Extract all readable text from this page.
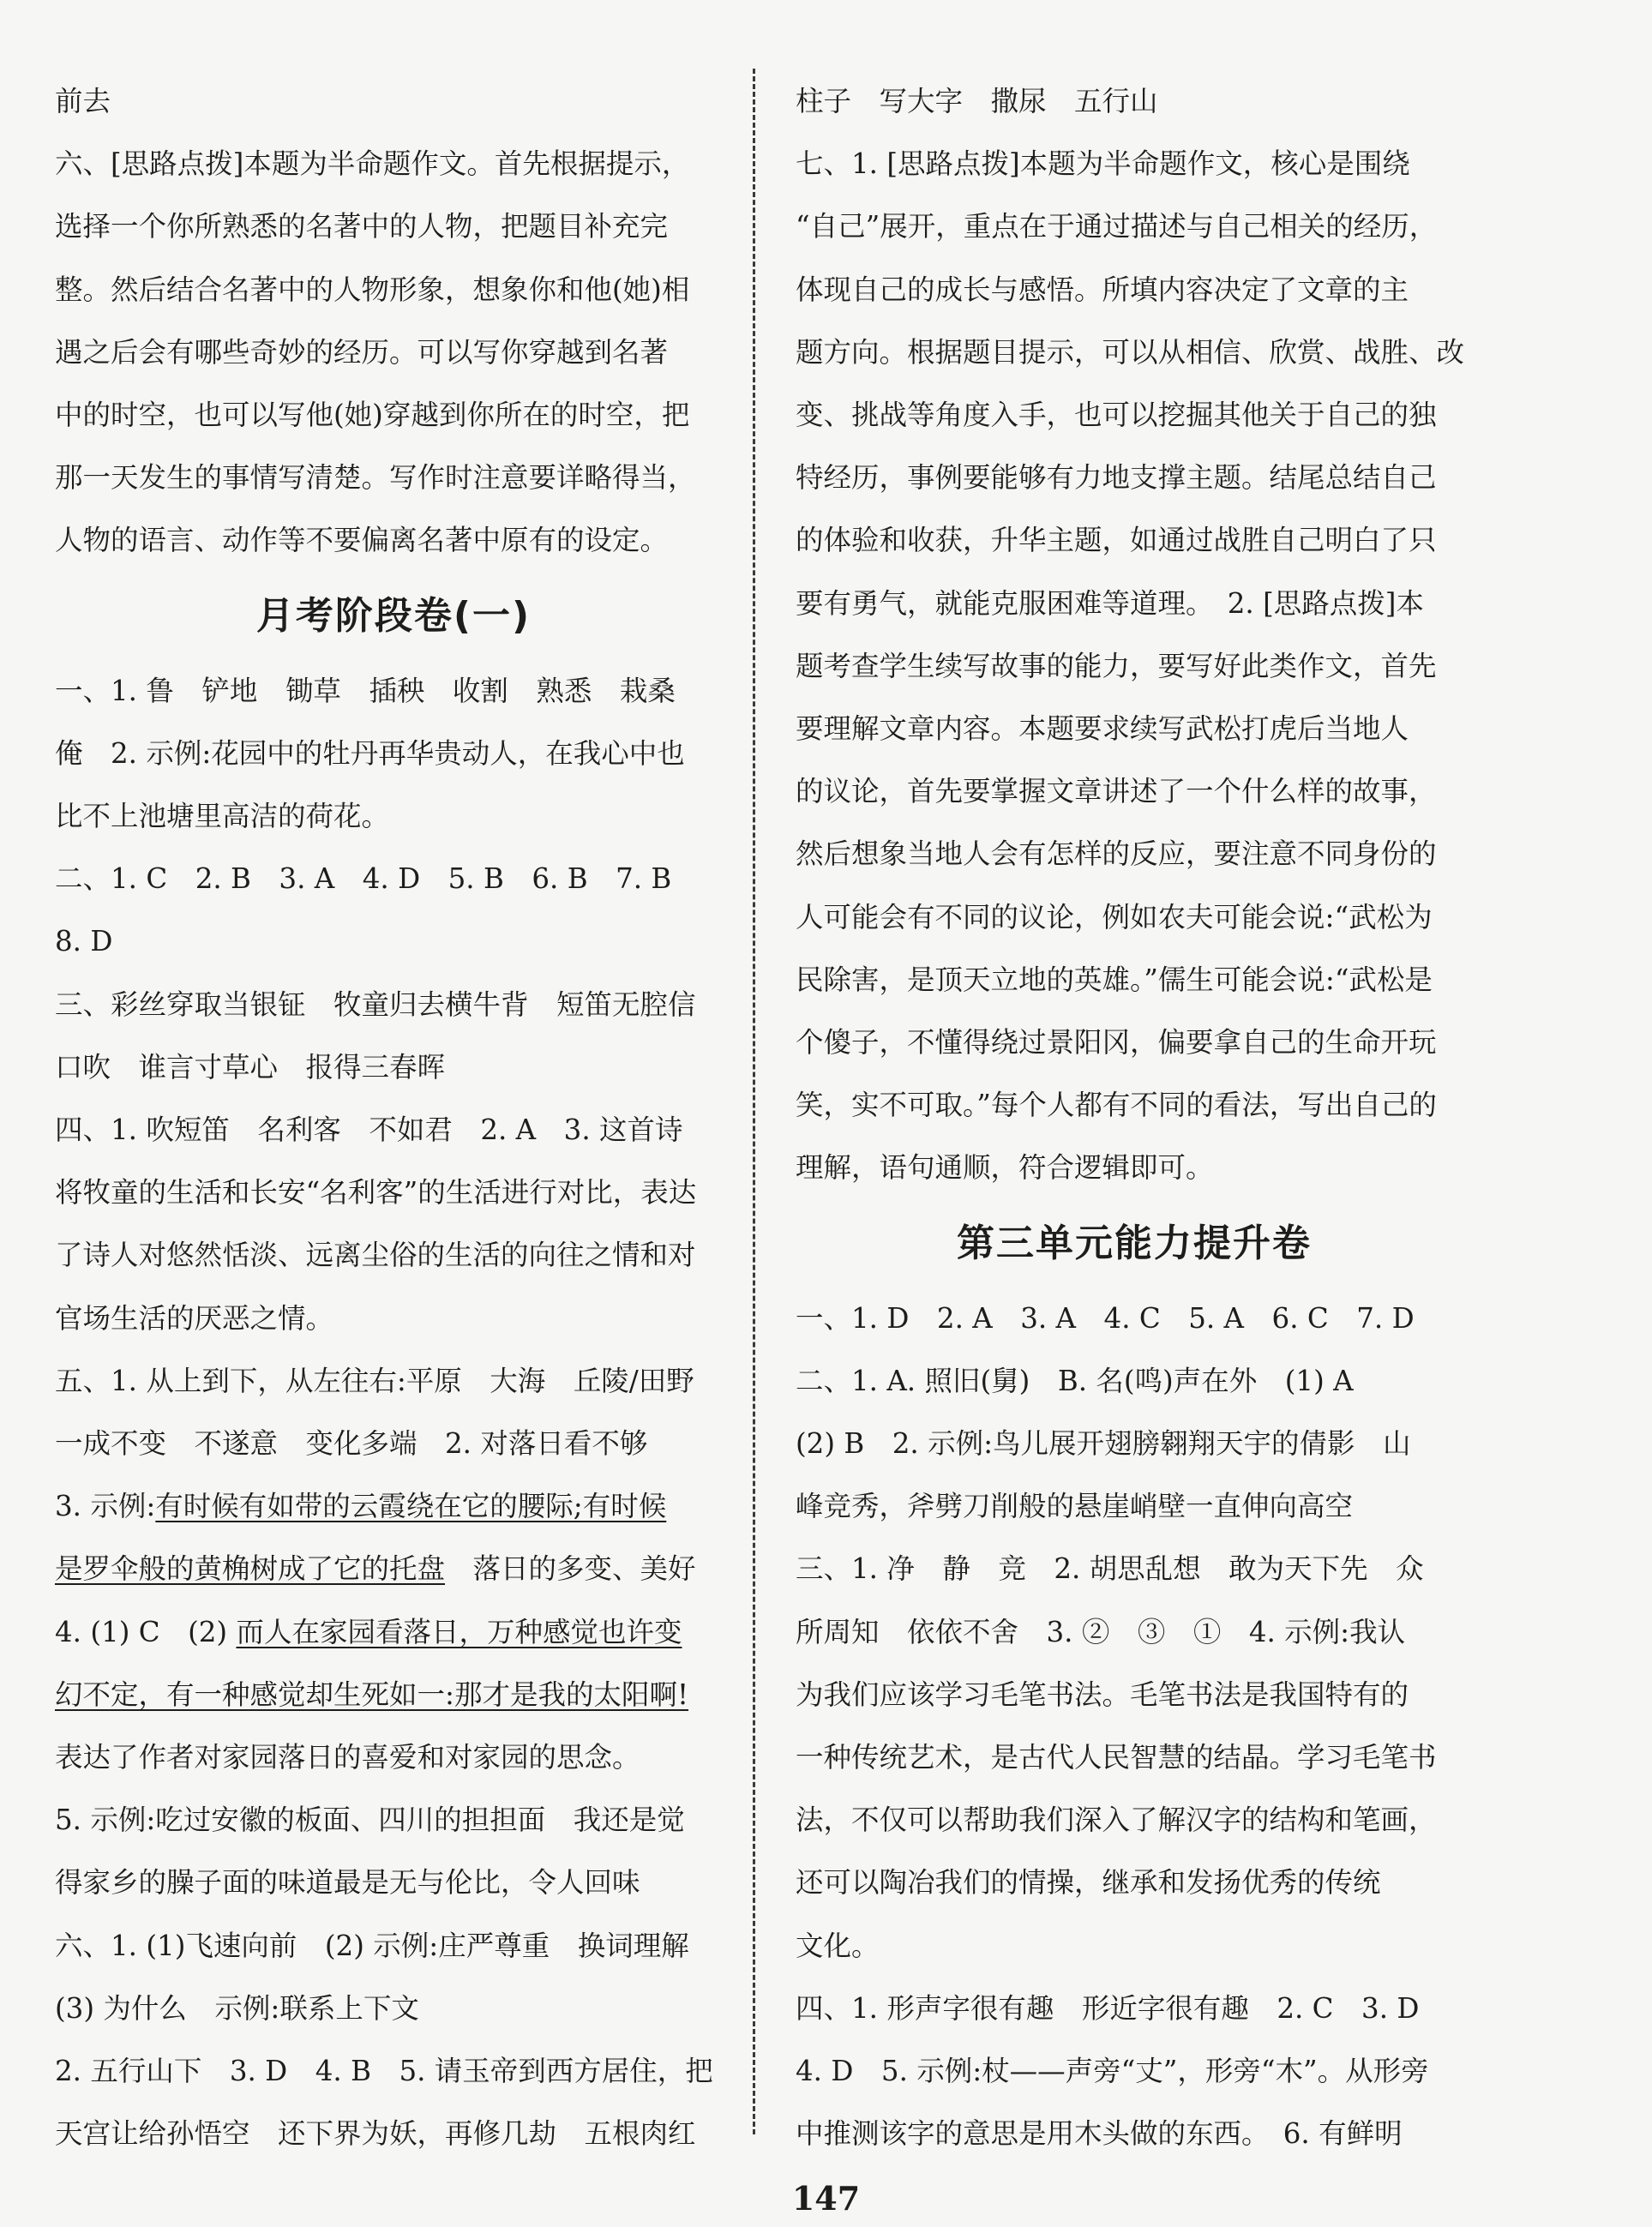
前去
六、[思路点拨]本题为半命题作文。首先根据提示，
选择一个你所熟悉的名著中的人物，把题目补充完
整。然后结合名著中的人物形象，想象你和他(她)相
遇之后会有哪些奇妙的经历。可以写你穿越到名著
中的时空，也可以写他(她)穿越到你所在的时空，把
那一天发生的事情写清楚。写作时注意要详略得当，
人物的语言、动作等不要偏离名著中原有的设定。

月考阶段卷(一)

一、1. 鲁　铲地　锄草　插秧　收割　熟悉　栽桑
俺　2. 示例:花园中的牡丹再华贵动人，在我心中也
比不上池塘里高洁的荷花。
二、1. C　2. B　3. A　4. D　5. B　6. B　7. B
8. D
三、彩丝穿取当银钲　牧童归去横牛背　短笛无腔信
口吹　谁言寸草心　报得三春晖
四、1. 吹短笛　名利客　不如君　2. A　3. 这首诗
将牧童的生活和长安“名利客”的生活进行对比，表达
了诗人对悠然恬淡、远离尘俗的生活的向往之情和对
官场生活的厌恶之情。
五、1. 从上到下，从左往右:平原　大海　丘陵/田野
一成不变　不遂意　变化多端　2. 对落日看不够
3. 示例:有时候有如带的云霞绕在它的腰际;有时候
是罗伞般的黄桷树成了它的托盘　落日的多变、美好
4. (1) C　(2) 而人在家园看落日，万种感觉也许变
幻不定，有一种感觉却生死如一:那才是我的太阳啊!
表达了作者对家园落日的喜爱和对家园的思念。
5. 示例:吃过安徽的板面、四川的担担面　我还是觉
得家乡的臊子面的味道最是无与伦比，令人回味
六、1. (1)飞速向前　(2) 示例:庄严尊重　换词理解
(3) 为什么　示例:联系上下文
2. 五行山下　3. D　4. B　5. 请玉帝到西方居住，把
天宫让给孙悟空　还下界为妖，再修几劫　五根肉红

柱子　写大字　撒尿　五行山
七、1. [思路点拨]本题为半命题作文，核心是围绕
“自己”展开，重点在于通过描述与自己相关的经历，
体现自己的成长与感悟。所填内容决定了文章的主
题方向。根据题目提示，可以从相信、欣赏、战胜、改
变、挑战等角度入手，也可以挖掘其他关于自己的独
特经历，事例要能够有力地支撑主题。结尾总结自己
的体验和收获，升华主题，如通过战胜自己明白了只
要有勇气，就能克服困难等道理。　2. [思路点拨]本
题考查学生续写故事的能力，要写好此类作文，首先
要理解文章内容。本题要求续写武松打虎后当地人
的议论，首先要掌握文章讲述了一个什么样的故事，
然后想象当地人会有怎样的反应，要注意不同身份的
人可能会有不同的议论，例如农夫可能会说:“武松为
民除害，是顶天立地的英雄。”儒生可能会说:“武松是
个傻子，不懂得绕过景阳冈，偏要拿自己的生命开玩
笑，实不可取。”每个人都有不同的看法，写出自己的
理解，语句通顺，符合逻辑即可。

第三单元能力提升卷

一、1. D　2. A　3. A　4. C　5. A　6. C　7. D
二、1. A. 照旧(舅)　B. 名(鸣)声在外　(1) A
(2) B　2. 示例:鸟儿展开翅膀翱翔天宇的倩影　山
峰竞秀，斧劈刀削般的悬崖峭壁一直伸向高空
三、1. 净　静　竞　2. 胡思乱想　敢为天下先　众
所周知　依依不舍　3. ②　③　①　4. 示例:我认
为我们应该学习毛笔书法。毛笔书法是我国特有的
一种传统艺术，是古代人民智慧的结晶。学习毛笔书
法，不仅可以帮助我们深入了解汉字的结构和笔画，
还可以陶冶我们的情操，继承和发扬优秀的传统
文化。
四、1. 形声字很有趣　形近字很有趣　2. C　3. D
4. D　5. 示例:杖——声旁“丈”，形旁“木”。从形旁
中推测该字的意思是用木头做的东西。　6. 有鲜明

147
